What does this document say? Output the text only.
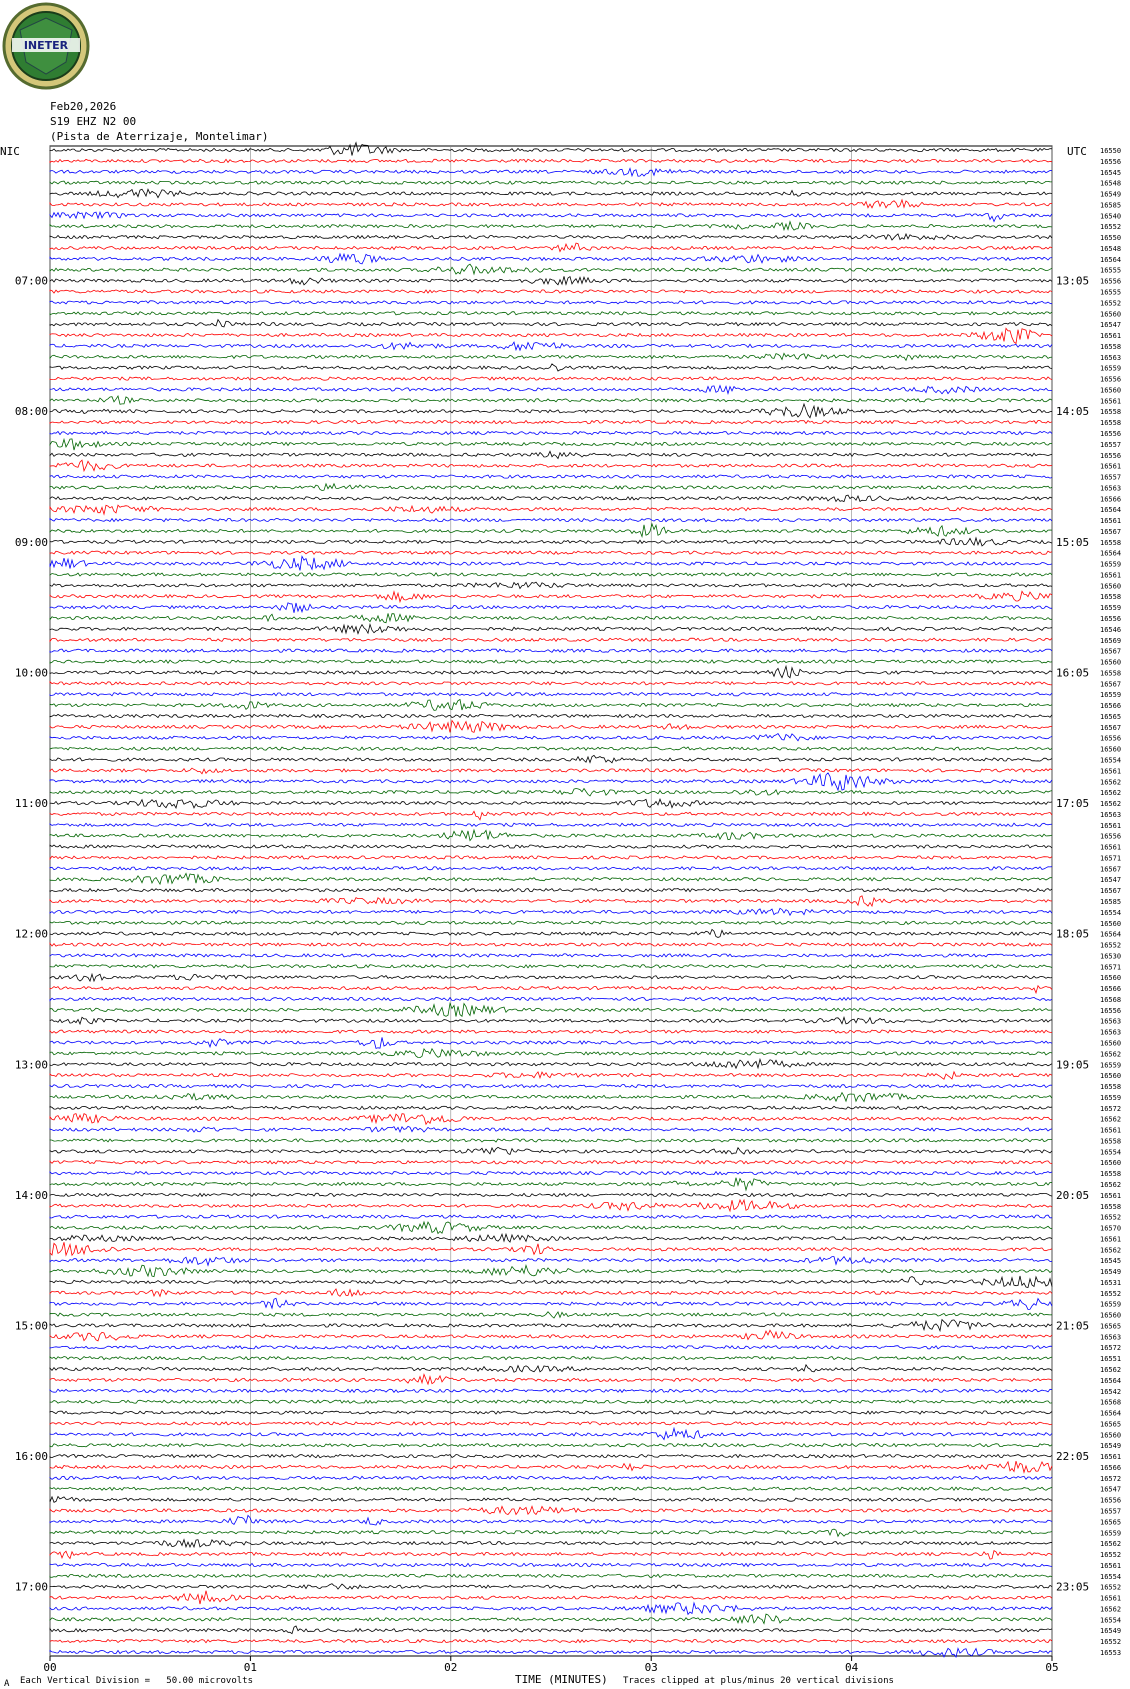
INETER
Feb20,2026
S19 EHZ N2 00
(Pista de Aterrizaje, Montelimar)
NIC	UTC
00	01	02	03	04	05
16550
16556
16545
16548
16549
16585
16540
16552
16550
16548
16564
16555
16556
16555
16552
16560
16547
16561
16558
16563
16559
16556
16560
16561
16558
16558
16556
16557
16556
16561
16557
16563
16566
16564
16561
16567
16558
16564
16559
16561
16560
16558
16559
16556
16546
16569
16567
16560
16558
16567
16559
16566
16565
16567
16556
16560
16554
16561
16562
16562
16562
16563
16561
16556
16561
16571
16567
16547
16567
16585
16554
16560
16564
16552
16530
16571
16560
16566
16568
16556
16563
16563
16560
16562
16559
16560
16558
16559
16572
16562
16561
16558
16554
16560
16558
16562
16561
16558
16552
16570
16561
16562
16545
16549
16531
16552
16559
16560
16565
16563
16572
16551
16562
16564
16542
16568
16564
16565
16560
16549
16561
16566
16572
16547
16556
16557
16565
16559
16562
16552
16561
16554
16552
16561
16562
16554
16549
16552
16553
07:00	13:05
08:00	14:05
09:00	15:05
10:00	16:05
11:00	17:05
12:00	18:05
13:00	19:05
14:00	20:05
15:00	21:05
16:00	22:05
17:00	23:05
A Each Vertical Division =   50.00 microvolts	TIME (MINUTES) Traces clipped at plus/minus 20 vertical divisions
